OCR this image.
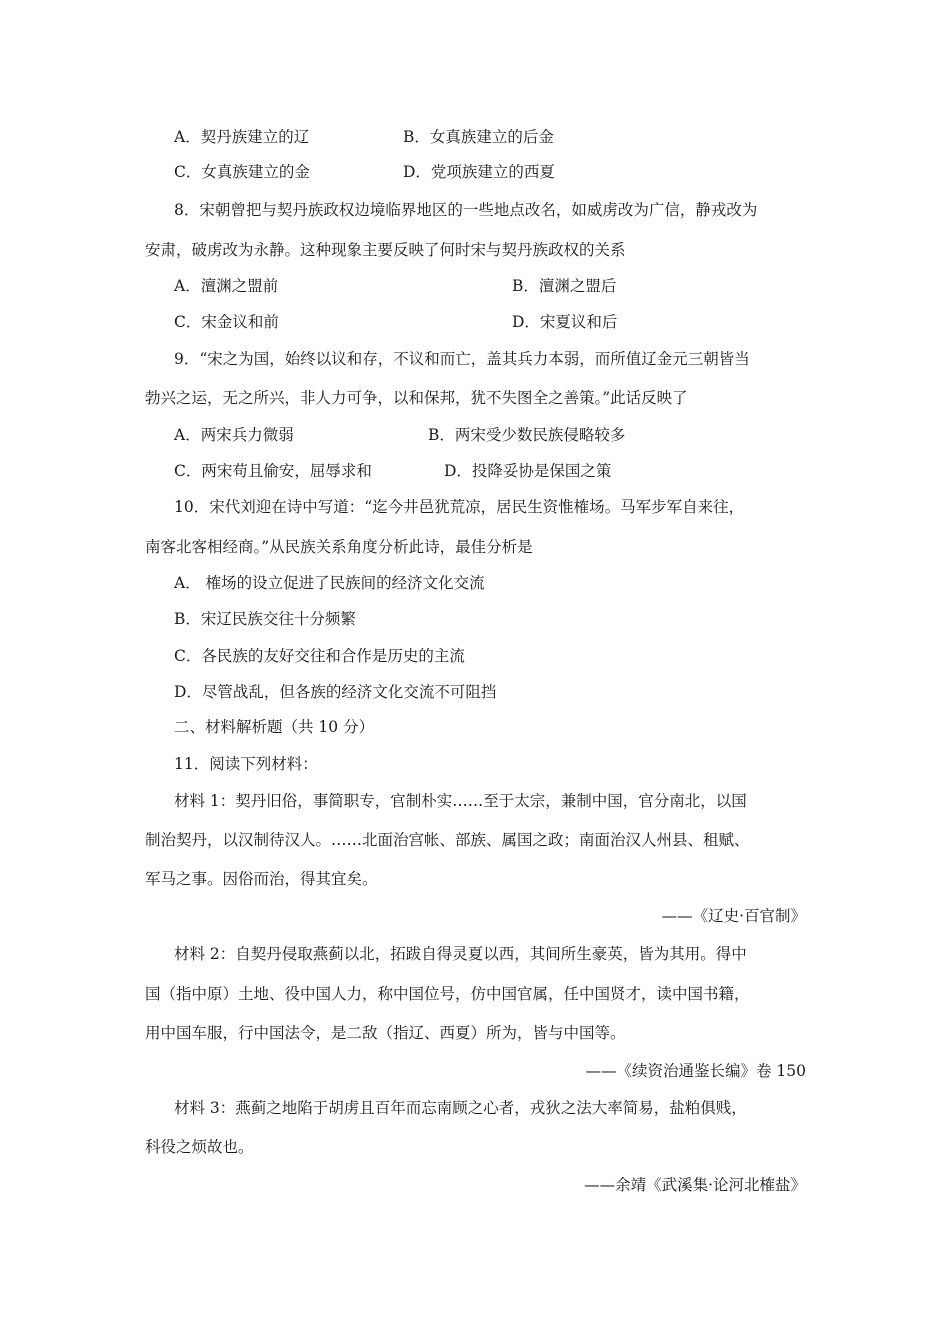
A．契丹族建立的辽	B．女真族建立的后金
C．女真族建立的金	D．党项族建立的西夏
8．宋朝曾把与契丹族政权边境临界地区的一些地点改名，如威虏改为广信，静戎改为
安肃，破虏改为永静。这种现象主要反映了何时宋与契丹族政权的关系
A．澶渊之盟前	B．澶渊之盟后
C．宋金议和前	D．宋夏议和后
9．“宋之为国，始终以议和存，不议和而亡，盖其兵力本弱，而所值辽金元三朝皆当
勃兴之运，无之所兴，非人力可争，以和保邦，犹不失图全之善策。”此话反映了
A．两宋兵力微弱	B．两宋受少数民族侵略较多
C．两宋苟且偷安，屈辱求和	D．投降妥协是保国之策
10．宋代刘迎在诗中写道：“迄今井邑犹荒凉，居民生资惟榷场。马军步军自来往，
南客北客相经商。”从民族关系角度分析此诗，最佳分析是
A． 榷场的设立促进了民族间的经济文化交流
B．宋辽民族交往十分频繁
C．各民族的友好交往和合作是历史的主流
D．尽管战乱，但各族的经济文化交流不可阻挡
二、材料解析题（共 10 分）
11．阅读下列材料：
材料 1：契丹旧俗，事简职专，官制朴实……至于太宗，兼制中国，官分南北，以国
制治契丹，以汉制待汉人。……北面治宫帐、部族、属国之政；南面治汉人州县、租赋、
军马之事。因俗而治，得其宜矣。
——《辽史·百官制》
材料 2：自契丹侵取燕蓟以北，拓跋自得灵夏以西，其间所生豪英，皆为其用。得中
国（指中原）土地、役中国人力，称中国位号，仿中国官属，任中国贤才，读中国书籍，
用中国车服，行中国法令，是二敌（指辽、西夏）所为，皆与中国等。
——《续资治通鉴长编》卷 150
材料 3：燕蓟之地陷于胡虏且百年而忘南顾之心者，戎狄之法大率简易，盐粕俱贱，
科役之烦故也。
——余靖《武溪集·论河北榷盐》
